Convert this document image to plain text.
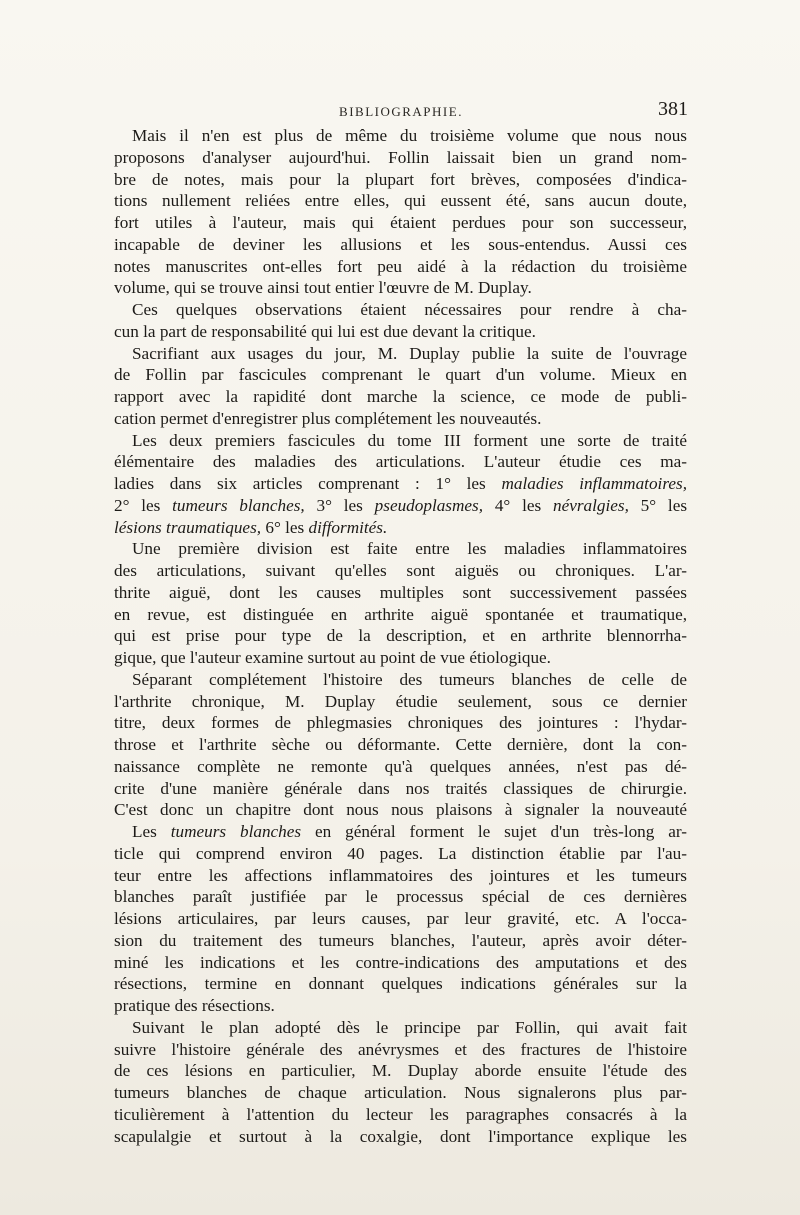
BIBLIOGRAPHIE.	381
Mais il n'en est plus de même du troisième volume que nous nous
proposons d'analyser aujourd'hui. Follin laissait bien un grand nom-
bre de notes, mais pour la plupart fort brèves, composées d'indica-
tions nullement reliées entre elles, qui eussent été, sans aucun doute,
fort utiles à l'auteur, mais qui étaient perdues pour son successeur,
incapable de deviner les allusions et les sous-entendus. Aussi ces
notes manuscrites ont-elles fort peu aidé à la rédaction du troisième
volume, qui se trouve ainsi tout entier l'œuvre de M. Duplay.
Ces quelques observations étaient nécessaires pour rendre à cha-
cun la part de responsabilité qui lui est due devant la critique.
Sacrifiant aux usages du jour, M. Duplay publie la suite de l'ouvrage
de Follin par fascicules comprenant le quart d'un volume. Mieux en
rapport avec la rapidité dont marche la science, ce mode de publi-
cation permet d'enregistrer plus complétement les nouveautés.
Les deux premiers fascicules du tome III forment une sorte de traité
élémentaire des maladies des articulations. L'auteur étudie ces ma-
ladies dans six articles comprenant : 1° les maladies inflammatoires,
2° les tumeurs blanches, 3° les pseudoplasmes, 4° les névralgies, 5° les
lésions traumatiques, 6° les difformités.
Une première division est faite entre les maladies inflammatoires
des articulations, suivant qu'elles sont aiguës ou chroniques. L'ar-
thrite aiguë, dont les causes multiples sont successivement passées
en revue, est distinguée en arthrite aiguë spontanée et traumatique,
qui est prise pour type de la description, et en arthrite blennorrha-
gique, que l'auteur examine surtout au point de vue étiologique.
Séparant complétement l'histoire des tumeurs blanches de celle de
l'arthrite chronique, M. Duplay étudie seulement, sous ce dernier
titre, deux formes de phlegmasies chroniques des jointures : l'hydar-
throse et l'arthrite sèche ou déformante. Cette dernière, dont la con-
naissance complète ne remonte qu'à quelques années, n'est pas dé-
crite d'une manière générale dans nos traités classiques de chirurgie.
C'est donc un chapitre dont nous nous plaisons à signaler la nouveauté
Les tumeurs blanches en général forment le sujet d'un très-long ar-
ticle qui comprend environ 40 pages. La distinction établie par l'au-
teur entre les affections inflammatoires des jointures et les tumeurs
blanches paraît justifiée par le processus spécial de ces dernières
lésions articulaires, par leurs causes, par leur gravité, etc. A l'occa-
sion du traitement des tumeurs blanches, l'auteur, après avoir déter-
miné les indications et les contre-indications des amputations et des
résections, termine en donnant quelques indications générales sur la
pratique des résections.
Suivant le plan adopté dès le principe par Follin, qui avait fait
suivre l'histoire générale des anévrysmes et des fractures de l'histoire
de ces lésions en particulier, M. Duplay aborde ensuite l'étude des
tumeurs blanches de chaque articulation. Nous signalerons plus par-
ticulièrement à l'attention du lecteur les paragraphes consacrés à la
scapulalgie et surtout à la coxalgie, dont l'importance explique les
